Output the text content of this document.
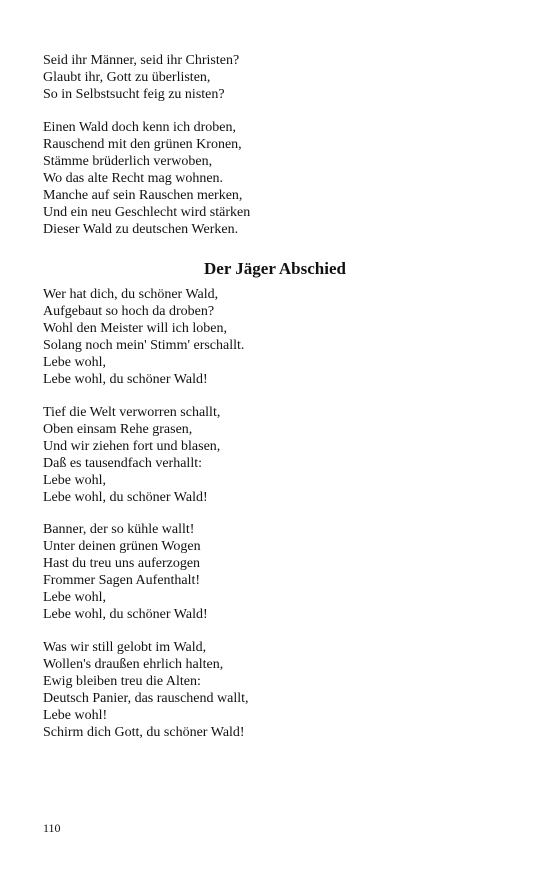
Seid ihr Männer, seid ihr Christen?
Glaubt ihr, Gott zu überlisten,
So in Selbstsucht feig zu nisten?
Einen Wald doch kenn ich droben,
Rauschend mit den grünen Kronen,
Stämme brüderlich verwoben,
Wo das alte Recht mag wohnen.
Manche auf sein Rauschen merken,
Und ein neu Geschlecht wird stärken
Dieser Wald zu deutschen Werken.
Der Jäger Abschied
Wer hat dich, du schöner Wald,
Aufgebaut so hoch da droben?
Wohl den Meister will ich loben,
Solang noch mein' Stimm' erschallt.
Lebe wohl,
Lebe wohl, du schöner Wald!
Tief die Welt verworren schallt,
Oben einsam Rehe grasen,
Und wir ziehen fort und blasen,
Daß es tausendfach verhallt:
Lebe wohl,
Lebe wohl, du schöner Wald!
Banner, der so kühle wallt!
Unter deinen grünen Wogen
Hast du treu uns auferzogen
Frommer Sagen Aufenthalt!
Lebe wohl,
Lebe wohl, du schöner Wald!
Was wir still gelobt im Wald,
Wollen's draußen ehrlich halten,
Ewig bleiben treu die Alten:
Deutsch Panier, das rauschend wallt,
Lebe wohl!
Schirm dich Gott, du schöner Wald!
110
